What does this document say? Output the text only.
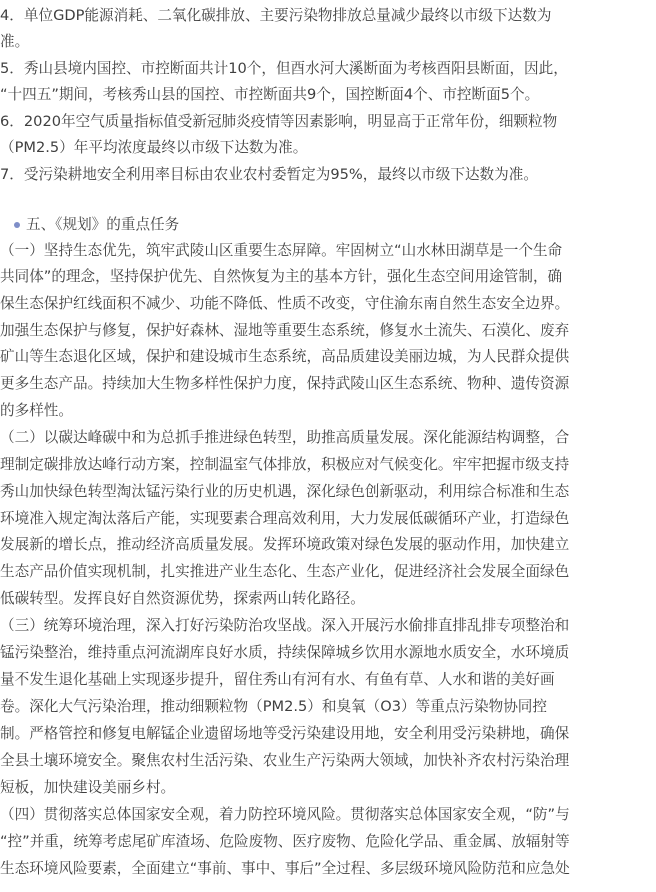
4．单位GDP能源消耗、二氧化碳排放、主要污染物排放总量减少最终以市级下达数为
准。
5．秀山县境内国控、市控断面共计10个，但酉水河大溪断面为考核酉阳县断面，因此，
“十四五”期间，考核秀山县的国控、市控断面共9个，国控断面4个、市控断面5个。
6．2020年空气质量指标值受新冠肺炎疫情等因素影响，明显高于正常年份，细颗粒物
（PM2.5）年平均浓度最终以市级下达数为准。
7．受污染耕地安全利用率目标由农业农村委暂定为95%，最终以市级下达数为准。
五、《规划》的重点任务
（一）坚持生态优先，筑牢武陵山区重要生态屏障。牢固树立“山水林田湖草是一个生命
共同体”的理念，坚持保护优先、自然恢复为主的基本方针，强化生态空间用途管制，确
保生态保护红线面积不减少、功能不降低、性质不改变，守住渝东南自然生态安全边界。
加强生态保护与修复，保护好森林、湿地等重要生态系统，修复水土流失、石漠化、废弃
矿山等生态退化区域，保护和建设城市生态系统，高品质建设美丽边城，为人民群众提供
更多生态产品。持续加大生物多样性保护力度，保持武陵山区生态系统、物种、遗传资源
的多样性。
（二）以碳达峰碳中和为总抓手推进绿色转型，助推高质量发展。深化能源结构调整，合
理制定碳排放达峰行动方案，控制温室气体排放，积极应对气候变化。牢牢把握市级支持
秀山加快绿色转型淘汰锰污染行业的历史机遇，深化绿色创新驱动，利用综合标准和生态
环境准入规定淘汰落后产能，实现要素合理高效利用，大力发展低碳循环产业，打造绿色
发展新的增长点，推动经济高质量发展。发挥环境政策对绿色发展的驱动作用，加快建立
生态产品价值实现机制，扎实推进产业生态化、生态产业化，促进经济社会发展全面绿色
低碳转型。发挥良好自然资源优势，探索两山转化路径。
（三）统筹环境治理，深入打好污染防治攻坚战。深入开展污水偷排直排乱排专项整治和
锰污染整治，维持重点河流湖库良好水质，持续保障城乡饮用水源地水质安全，水环境质
量不发生退化基础上实现逐步提升，留住秀山有河有水、有鱼有草、人水和谐的美好画
卷。深化大气污染治理，推动细颗粒物（PM2.5）和臭氧（O3）等重点污染物协同控
制。严格管控和修复电解锰企业遗留场地等受污染建设用地，安全利用受污染耕地，确保
全县土壤环境安全。聚焦农村生活污染、农业生产污染两大领域，加快补齐农村污染治理
短板，加快建设美丽乡村。
（四）贯彻落实总体国家安全观，着力防控环境风险。贯彻落实总体国家安全观，“防”与
“控”并重，统筹考虑尾矿库渣场、危险废物、医疗废物、危险化学品、重金属、放辐射等
生态环境风险要素，全面建立“事前、事中、事后”全过程、多层级环境风险防范和应急处
